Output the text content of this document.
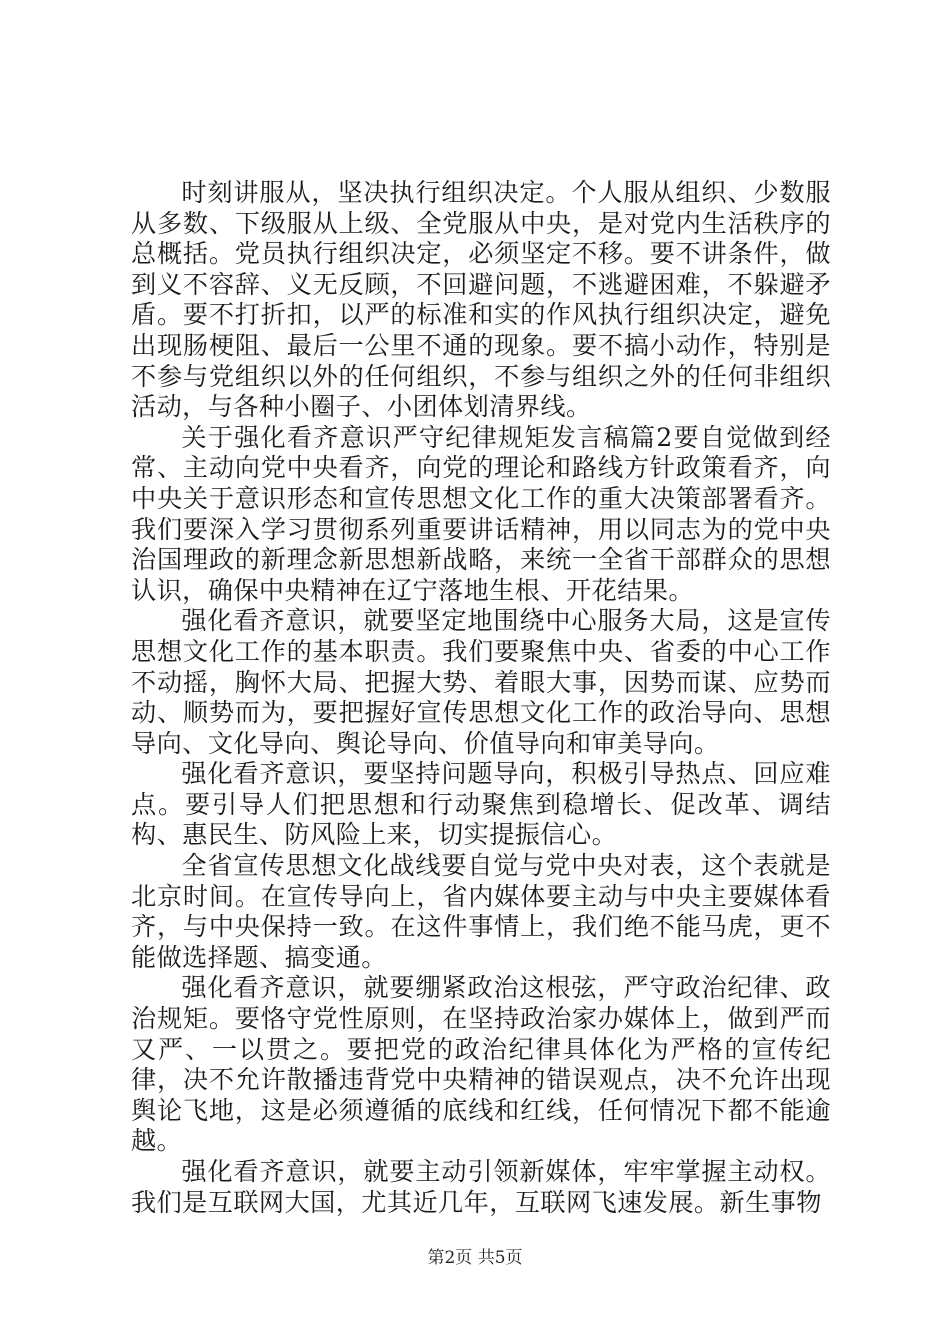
时刻讲服从，坚决执行组织决定。个人服从组织、少数服从多数、下级服从上级、全党服从中央，是对党内生活秩序的总概括。党员执行组织决定，必须坚定不移。要不讲条件，做到义不容辞、义无反顾，不回避问题，不逃避困难，不躲避矛盾。要不打折扣，以严的标准和实的作风执行组织决定，避免出现肠梗阻、最后一公里不通的现象。要不搞小动作，特别是不参与党组织以外的任何组织，不参与组织之外的任何非组织活动，与各种小圈子、小团体划清界线。

关于强化看齐意识严守纪律规矩发言稿篇2要自觉做到经常、主动向党中央看齐，向党的理论和路线方针政策看齐，向中央关于意识形态和宣传思想文化工作的重大决策部署看齐。我们要深入学习贯彻系列重要讲话精神，用以同志为的党中央治国理政的新理念新思想新战略，来统一全省干部群众的思想认识，确保中央精神在辽宁落地生根、开花结果。

强化看齐意识，就要坚定地围绕中心服务大局，这是宣传思想文化工作的基本职责。我们要聚焦中央、省委的中心工作不动摇，胸怀大局、把握大势、着眼大事，因势而谋、应势而动、顺势而为，要把握好宣传思想文化工作的政治导向、思想导向、文化导向、舆论导向、价值导向和审美导向。

强化看齐意识，要坚持问题导向，积极引导热点、回应难点。要引导人们把思想和行动聚焦到稳增长、促改革、调结构、惠民生、防风险上来，切实提振信心。

全省宣传思想文化战线要自觉与党中央对表，这个表就是北京时间。在宣传导向上，省内媒体要主动与中央主要媒体看齐，与中央保持一致。在这件事情上，我们绝不能马虎，更不能做选择题、搞变通。

强化看齐意识，就要绷紧政治这根弦，严守政治纪律、政治规矩。要恪守党性原则，在坚持政治家办媒体上，做到严而又严、一以贯之。要把党的政治纪律具体化为严格的宣传纪律，决不允许散播违背党中央精神的错误观点，决不允许出现舆论飞地，这是必须遵循的底线和红线，任何情况下都不能逾越。

强化看齐意识，就要主动引领新媒体，牢牢掌握主动权。我们是互联网大国，尤其近几年，互联网飞速发展。新生事物

第2页 共5页
